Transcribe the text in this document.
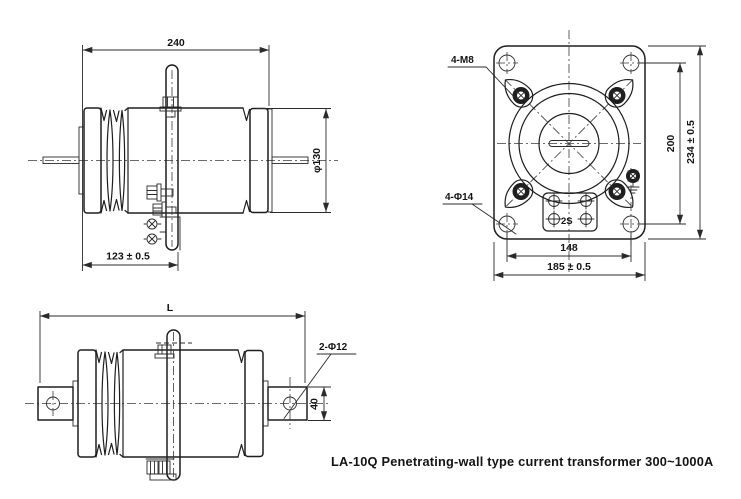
240
φ130
123 ± 0.5
2S
4-M8
4-Φ14
200 234 ± 0.5
148
185 ± 0.5
L
2-Φ12
40
LA-10Q Penetrating-wall type current transformer 300~1000A
